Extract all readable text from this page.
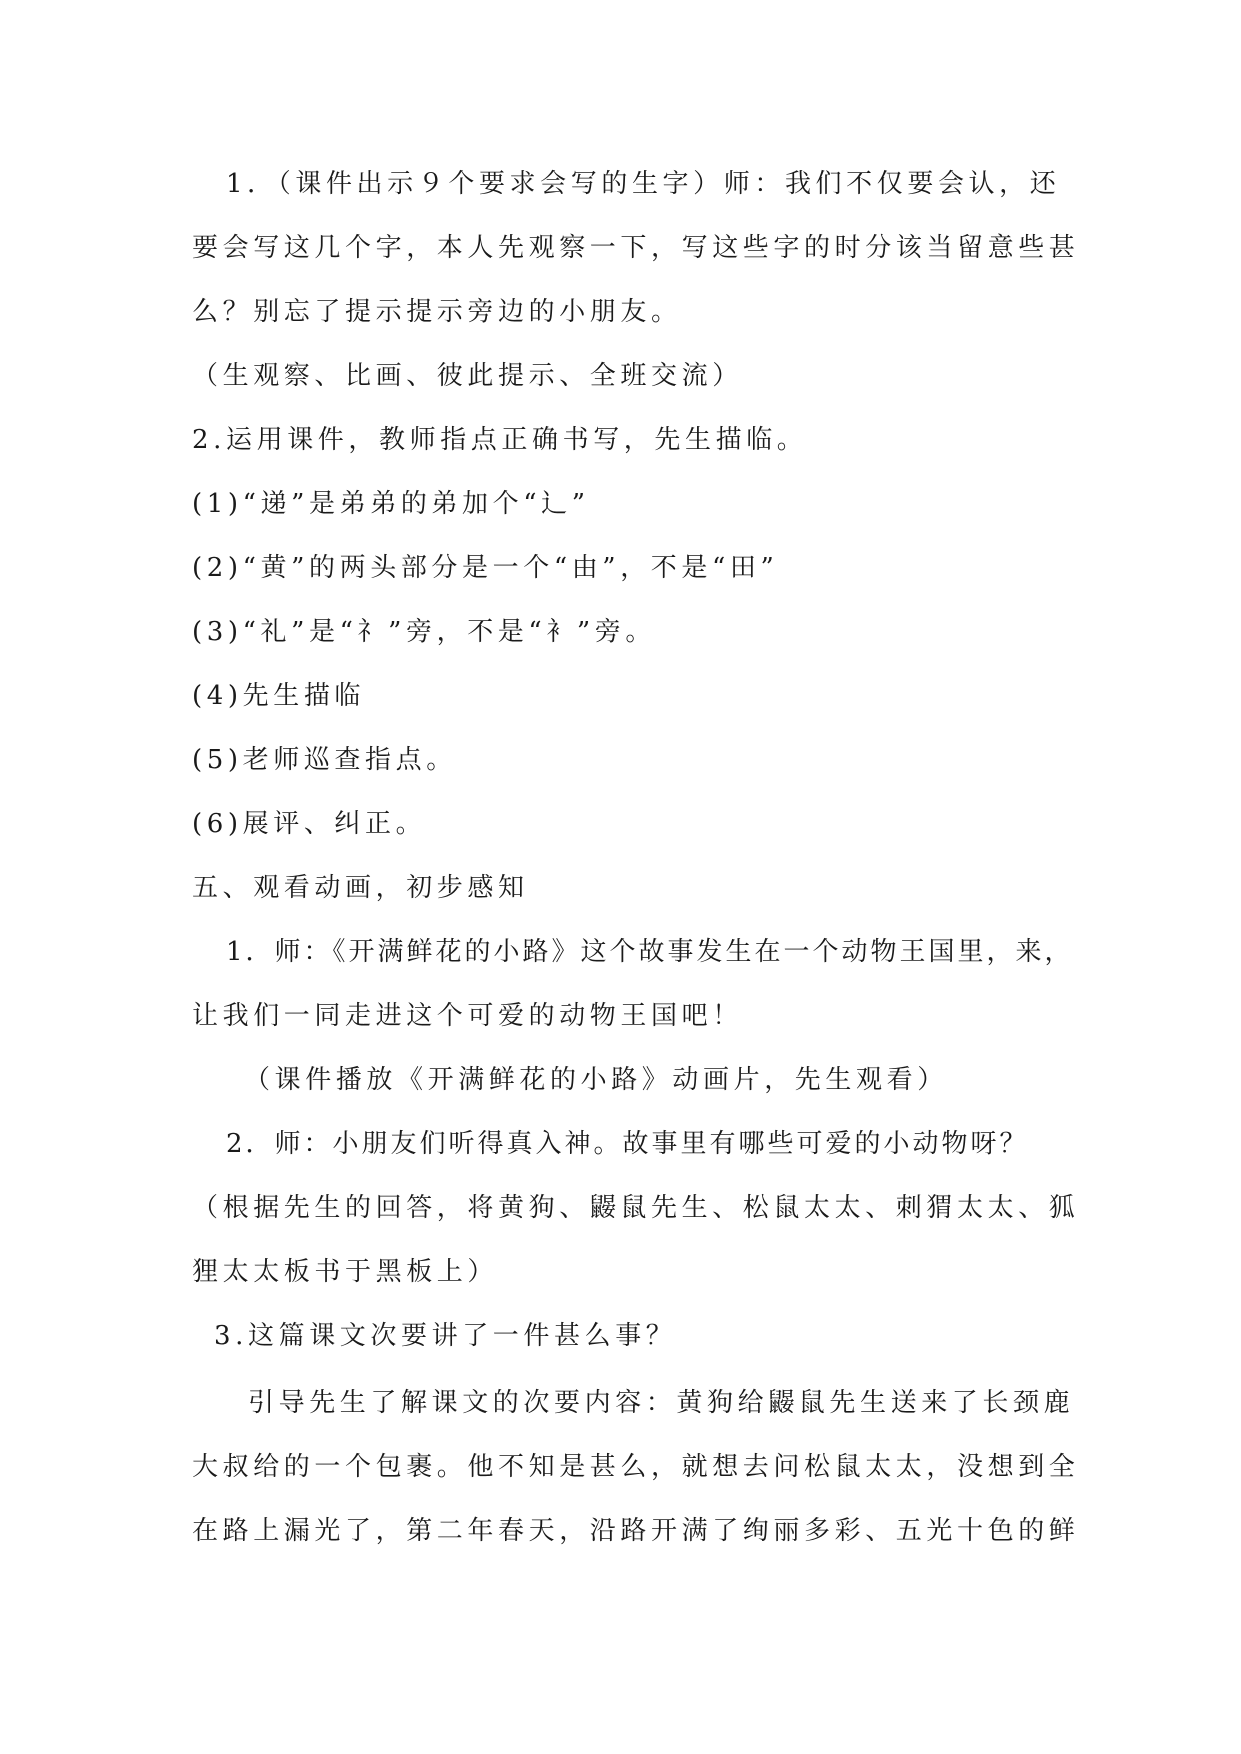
1．（课件出示９个要求会写的生字）师：我们不仅要会认，还
要会写这几个字，本人先观察一下，写这些字的时分该当留意些甚
么？别忘了提示提示旁边的小朋友。
（生观察、比画、彼此提示、全班交流）
2.运用课件，教师指点正确书写，先生描临。
(1)“递”是弟弟的弟加个“辶”
(2)“黄”的两头部分是一个“由”，不是“田”
(3)“礼”是“礻”旁，不是“衤”旁。
(4)先生描临
(5)老师巡查指点。
(6)展评、纠正。
五、观看动画，初步感知
1．师：《开满鲜花的小路》这个故事发生在一个动物王国里，来，
让我们一同走进这个可爱的动物王国吧！
（课件播放《开满鲜花的小路》动画片，先生观看）
2．师：小朋友们听得真入神。故事里有哪些可爱的小动物呀？
（根据先生的回答，将黄狗、鼹鼠先生、松鼠太太、刺猬太太、狐
狸太太板书于黑板上）
3.这篇课文次要讲了一件甚么事？
引导先生了解课文的次要内容：黄狗给鼹鼠先生送来了长颈鹿
大叔给的一个包裹。他不知是甚么，就想去问松鼠太太，没想到全
在路上漏光了，第二年春天，沿路开满了绚丽多彩、五光十色的鲜
